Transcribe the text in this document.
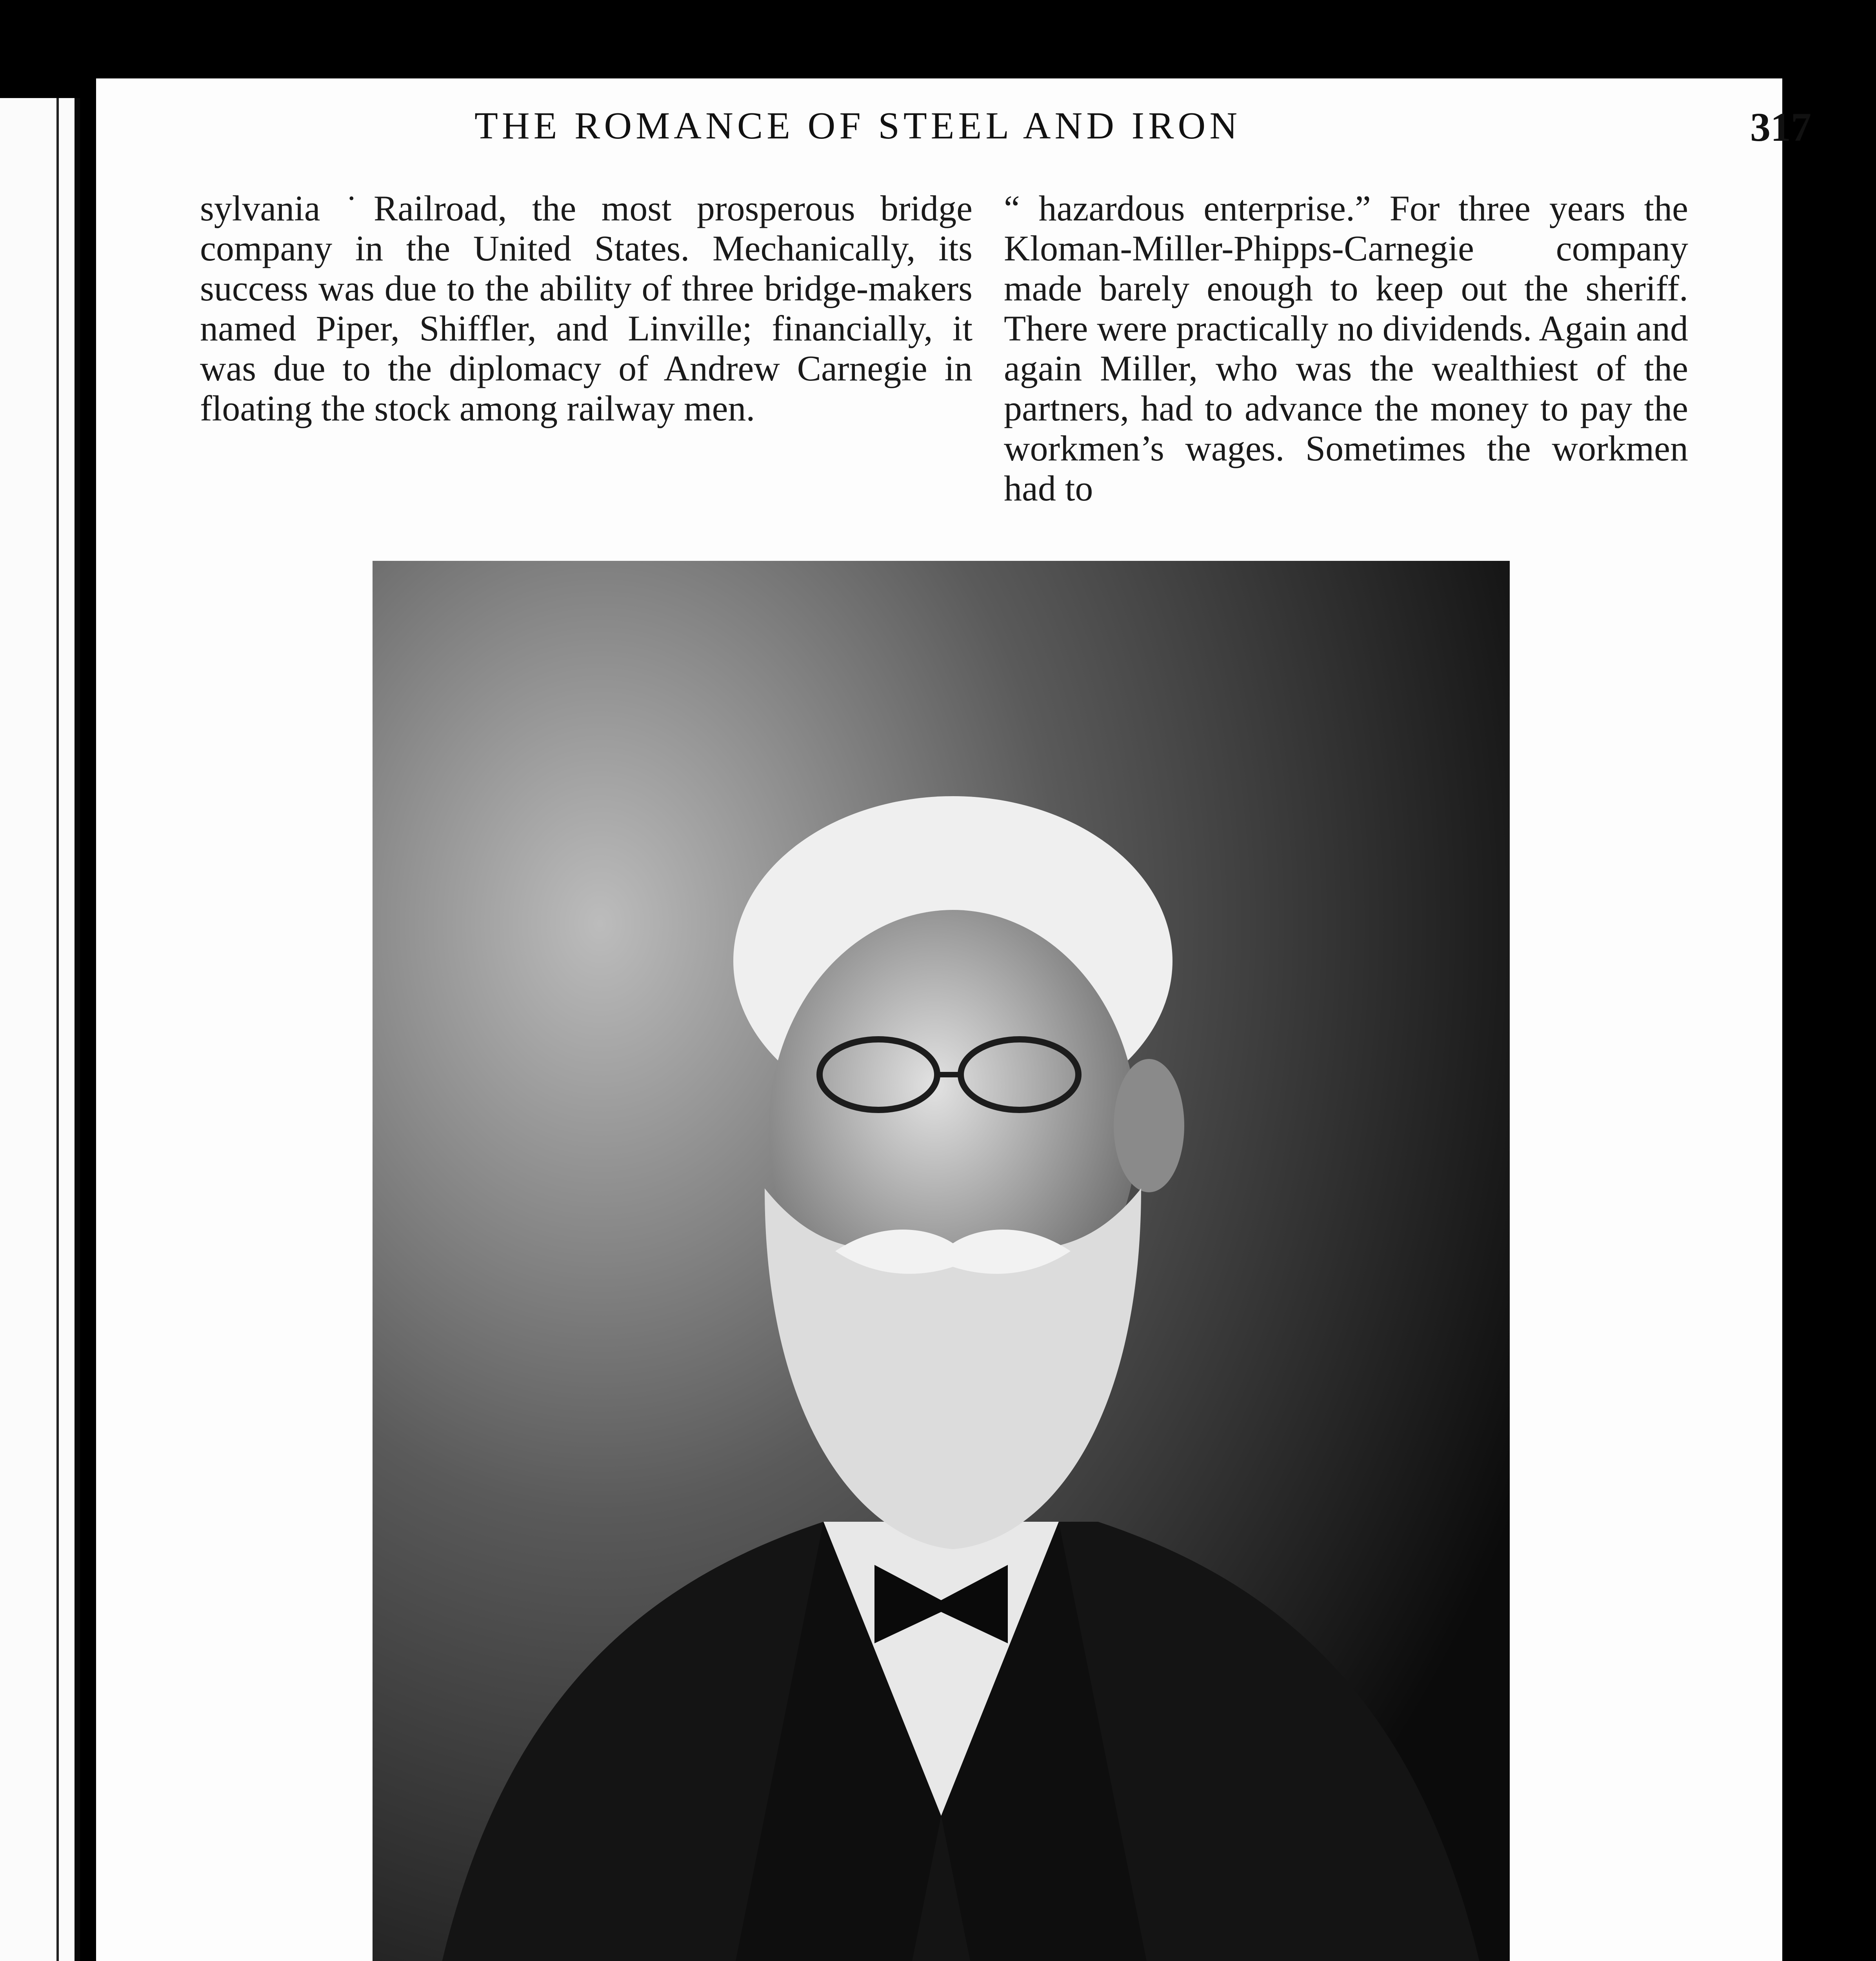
THE ROMANCE OF STEEL AND IRON	317

sylvania ˙Railroad, the most prosperous bridge company in the United States. Mechanically, its success was due to the ability of three bridge-makers named Piper, Shiffler, and Linville; financially, it was due to the diplomacy of Andrew Carnegie in floating the stock among railway men.

“ hazardous enterprise.” For three years the Kloman-Miller-Phipps-Carnegie company made barely enough to keep out the sheriff. There were practically no dividends. Again and again Miller, who was the wealthiest of the partners, had to advance the money to pay the workmen’s wages. Sometimes the workmen had to
